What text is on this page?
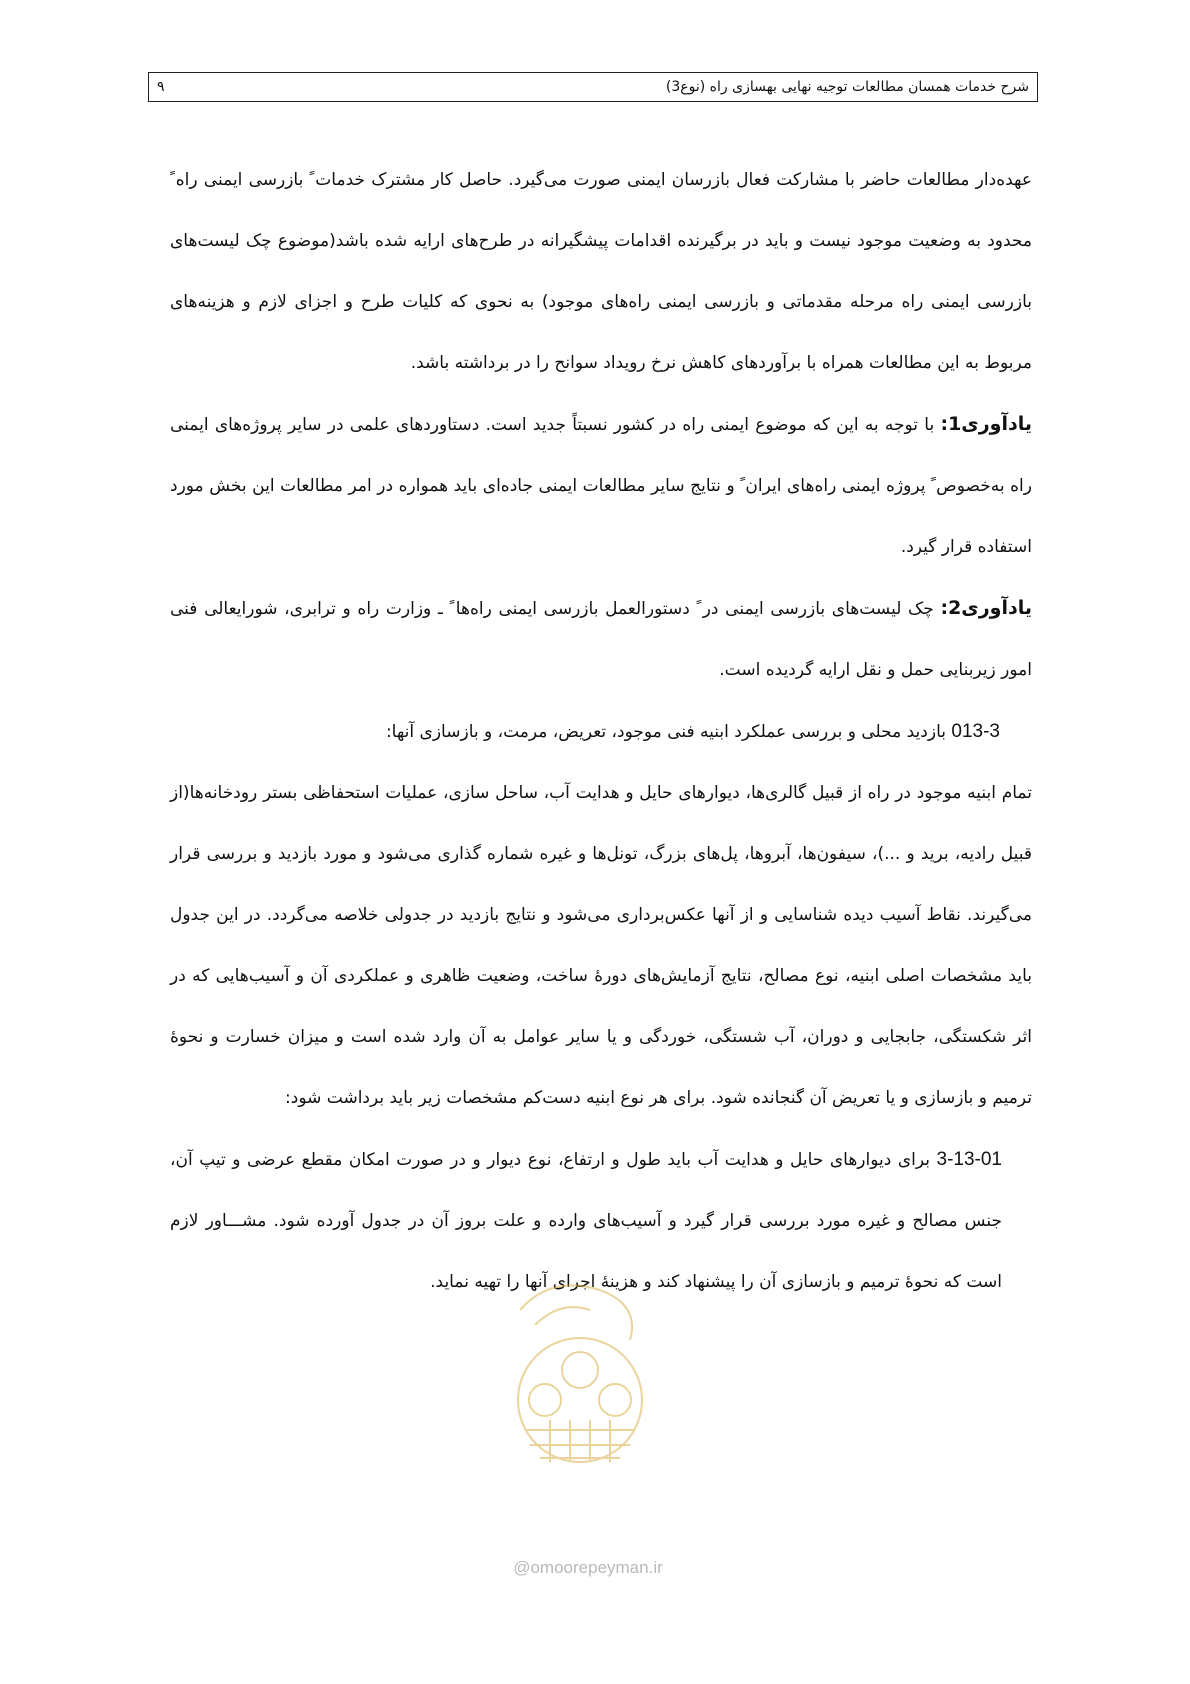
شرح خدمات همسان مطالعات توجیه نهایی بهسازی راه (نوع3)
۹

عهده‌دار مطالعات حاضر با مشارکت فعال بازرسان ایمنی صورت می‌گیرد. حاصل کار مشترک خدمات ً بازرسی ایمنی راه ً محدود به وضعیت موجود نیست و باید در برگیرنده اقدامات پیشگیرانه در طرح‌های ارایه شده باشد(موضوع چک لیست‌های بازرسی ایمنی راه مرحله مقدماتی و بازرسی ایمنی راه‌های موجود) به نحوی که کلیات طرح و اجزای لازم و هزینه‌های مربوط به این مطالعات همراه با برآوردهای کاهش نرخ رویداد سوانح را در برداشته باشد.

یادآوری1: با توجه به این که موضوع ایمنی راه در کشور نسبتاً جدید است. دستاوردهای علمی در سایر پروژه‌های ایمنی راه به‌خصوص ً پروژه ایمنی راه‌های ایران ً و نتایج سایر مطالعات ایمنی جاده‌ای باید همواره در امر مطالعات این بخش مورد استفاده قرار گیرد.

یادآوری2: چک لیست‌های بازرسی ایمنی در ً دستورالعمل بازرسی ایمنی راه‌ها ً ـ وزارت راه و ترابری، شورایعالی فنی امور زیربنایی حمل و نقل ارایه گردیده است.

013-3 بازدید محلی و بررسی عملکرد ابنیه فنی موجود، تعریض، مرمت، و بازسازی آنها:

تمام ابنیه موجود در راه از قبیل گالری‌ها، دیوارهای حایل و هدایت آب، ساحل سازی، عملیات استحفاظی بستر رودخانه‌ها(از قبیل رادیه، برید و ...)، سیفون‌ها، آبروها، پل‌های بزرگ، تونل‌ها و غیره شماره گذاری می‌شود و مورد بازدید و بررسی قرار می‌گیرند. نقاط آسیب دیده شناسایی و از آنها عکس‌برداری می‌شود و نتایج بازدید در جدولی خلاصه می‌گردد. در این جدول باید مشخصات اصلی ابنیه، نوع مصالح، نتایج آزمایش‌های دورهٔ ساخت، وضعیت ظاهری و عملکردی آن و آسیب‌هایی که در اثر شکستگی، جابجایی و دوران، آب شستگی، خوردگی و یا سایر عوامل به آن وارد شده است و میزان خسارت و نحوهٔ ترمیم و بازسازی و یا تعریض آن گنجانده شود. برای هر نوع ابنیه دست‌کم مشخصات زیر باید برداشت شود:

3-13-01 برای دیوارهای حایل و هدایت آب باید طول و ارتفاع، نوع دیوار و در صورت امکان مقطع عرضی و تیپ آن، جنس مصالح و غیره مورد بررسی قرار گیرد و آسیب‌های وارده و علت بروز آن در جدول آورده شود. مشـــاور لازم است که نحوهٔ ترمیم و بازسازی آن را پیشنهاد کند و هزینهٔ اجرای آنها را تهیه نماید.

@omoorepeyman.ir
